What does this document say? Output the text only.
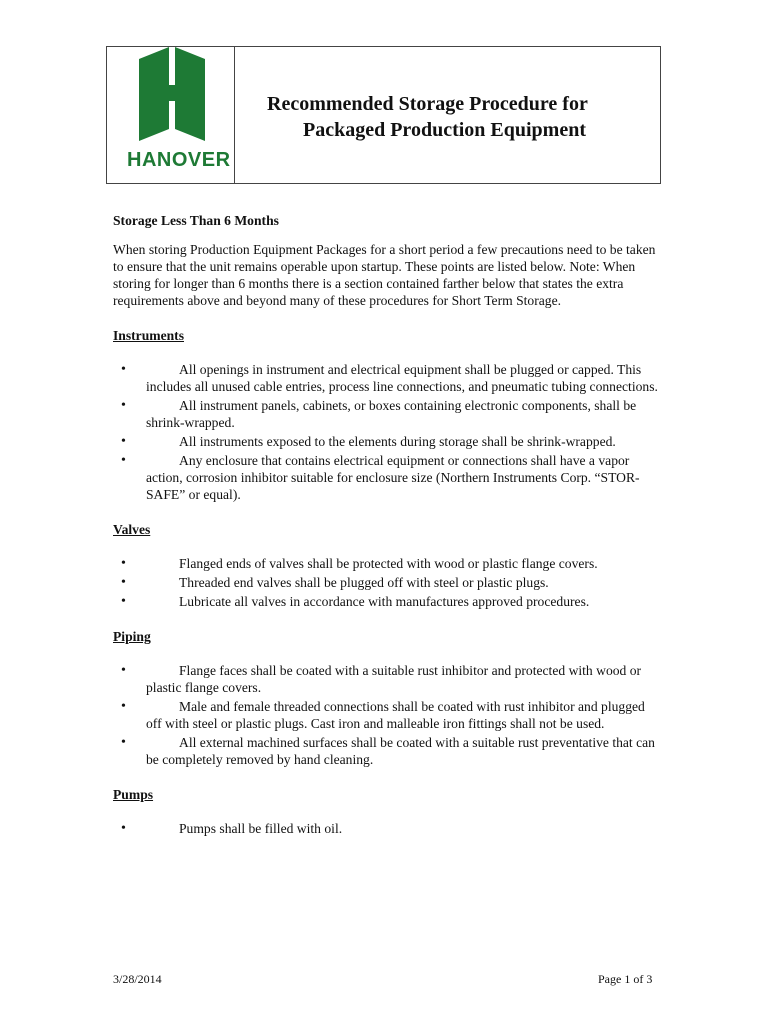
HANOVER
Recommended Storage Procedure for
Packaged Production Equipment
Storage Less Than 6 Months
When storing Production Equipment Packages for a short period a few precautions need to be taken to ensure that the unit remains operable upon startup. These points are listed below. Note: When storing for longer than 6 months there is a section contained farther below that states the extra requirements above and beyond many of these procedures for Short Term Storage.
Instruments
•	All openings in instrument and electrical equipment shall be plugged or capped. This includes all unused cable entries, process line connections, and pneumatic tubing connections.
•	All instrument panels, cabinets, or boxes containing electronic components, shall be shrink-wrapped.
•	All instruments exposed to the elements during storage shall be shrink-wrapped.
•	Any enclosure that contains electrical equipment or connections shall have a vapor action, corrosion inhibitor suitable for enclosure size (Northern Instruments Corp. “STOR-SAFE” or equal).
Valves
•	Flanged ends of valves shall be protected with wood or plastic flange covers.
•	Threaded end valves shall be plugged off with steel or plastic plugs.
•	Lubricate all valves in accordance with manufactures approved procedures.
Piping
•	Flange faces shall be coated with a suitable rust inhibitor and protected with wood or plastic flange covers.
•	Male and female threaded connections shall be coated with rust inhibitor and plugged off with steel or plastic plugs. Cast iron and malleable iron fittings shall not be used.
•	All external machined surfaces shall be coated with a suitable rust preventative that can be completely removed by hand cleaning.
Pumps
•	Pumps shall be filled with oil.
3/28/2014	Page 1 of 3
